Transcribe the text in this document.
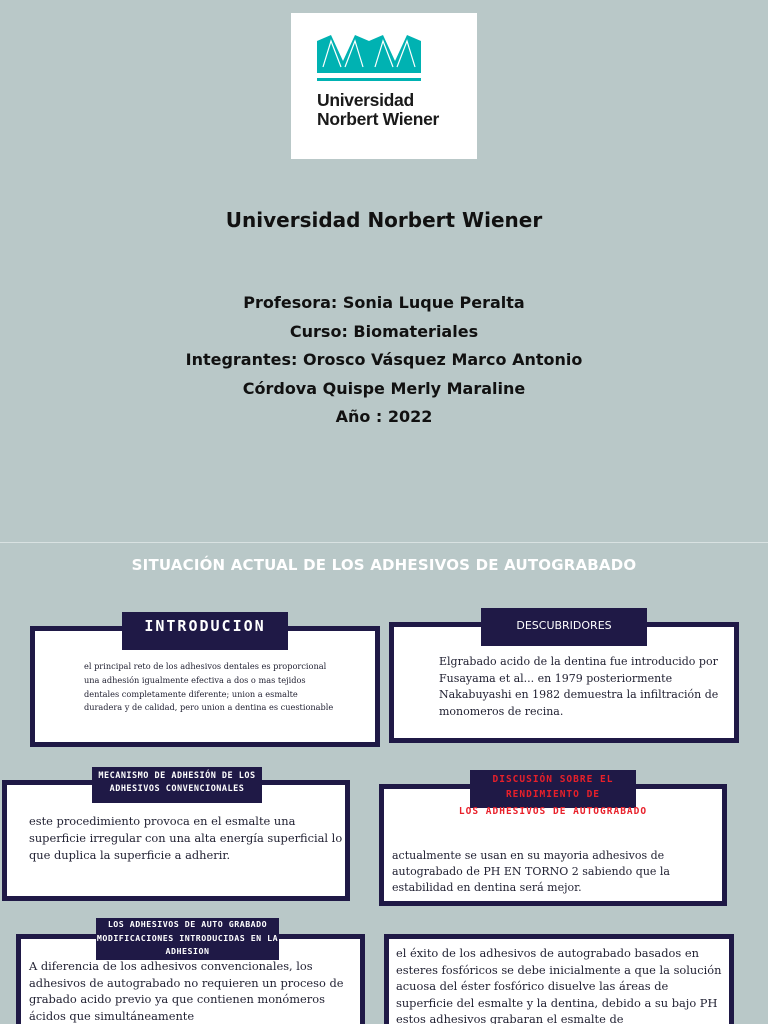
Universidad
Norbert Wiener
Universidad Norbert Wiener
Profesora: Sonia Luque Peralta
Curso: Biomateriales
Integrantes: Orosco Vásquez Marco Antonio
Córdova Quispe Merly Maraline
Año : 2022
SITUACIÓN ACTUAL DE LOS ADHESIVOS DE AUTOGRABADO
INTRODUCION
el principal reto de los adhesivos dentales es proporcional una adhesión igualmente efectiva a dos o mas tejidos dentales completamente diferente; union a esmalte duradera y de calidad, pero union a dentina es cuestionable
DESCUBRIDORES
Elgrabado acido de la dentina fue introducido por Fusayama et al... en 1979 posteriormente Nakabuyashi en 1982 demuestra la infiltración de monomeros de recina.
MECANISMO DE ADHESIÓN DE LOS ADHESIVOS CONVENCIONALES
este procedimiento provoca en el esmalte una superficie irregular con una alta energía superficial lo que duplica la superficie a adherir.
DISCUSIÓN SOBRE EL RENDIMIENTO DE
LOS ADHESIVOS DE AUTOGRABADO
actualmente se usan en su mayoria adhesivos de autograbado de PH EN TORNO 2 sabiendo que la estabilidad en dentina será mejor.
LOS ADHESIVOS DE AUTO GRABADO MODIFICACIONES INTRODUCIDAS EN LA ADHESION
A diferencia de los adhesivos convencionales, los adhesivos de autograbado no requieren un proceso de grabado acido previo ya que contienen monómeros ácidos que simultáneamente
el éxito de los adhesivos de autograbado basados en esteres fosfóricos se debe inicialmente a que la solución acuosa del éster fosfórico disuelve las áreas de superficie del esmalte y la dentina, debido a su bajo PH estos adhesivos grabaran el esmalte de
